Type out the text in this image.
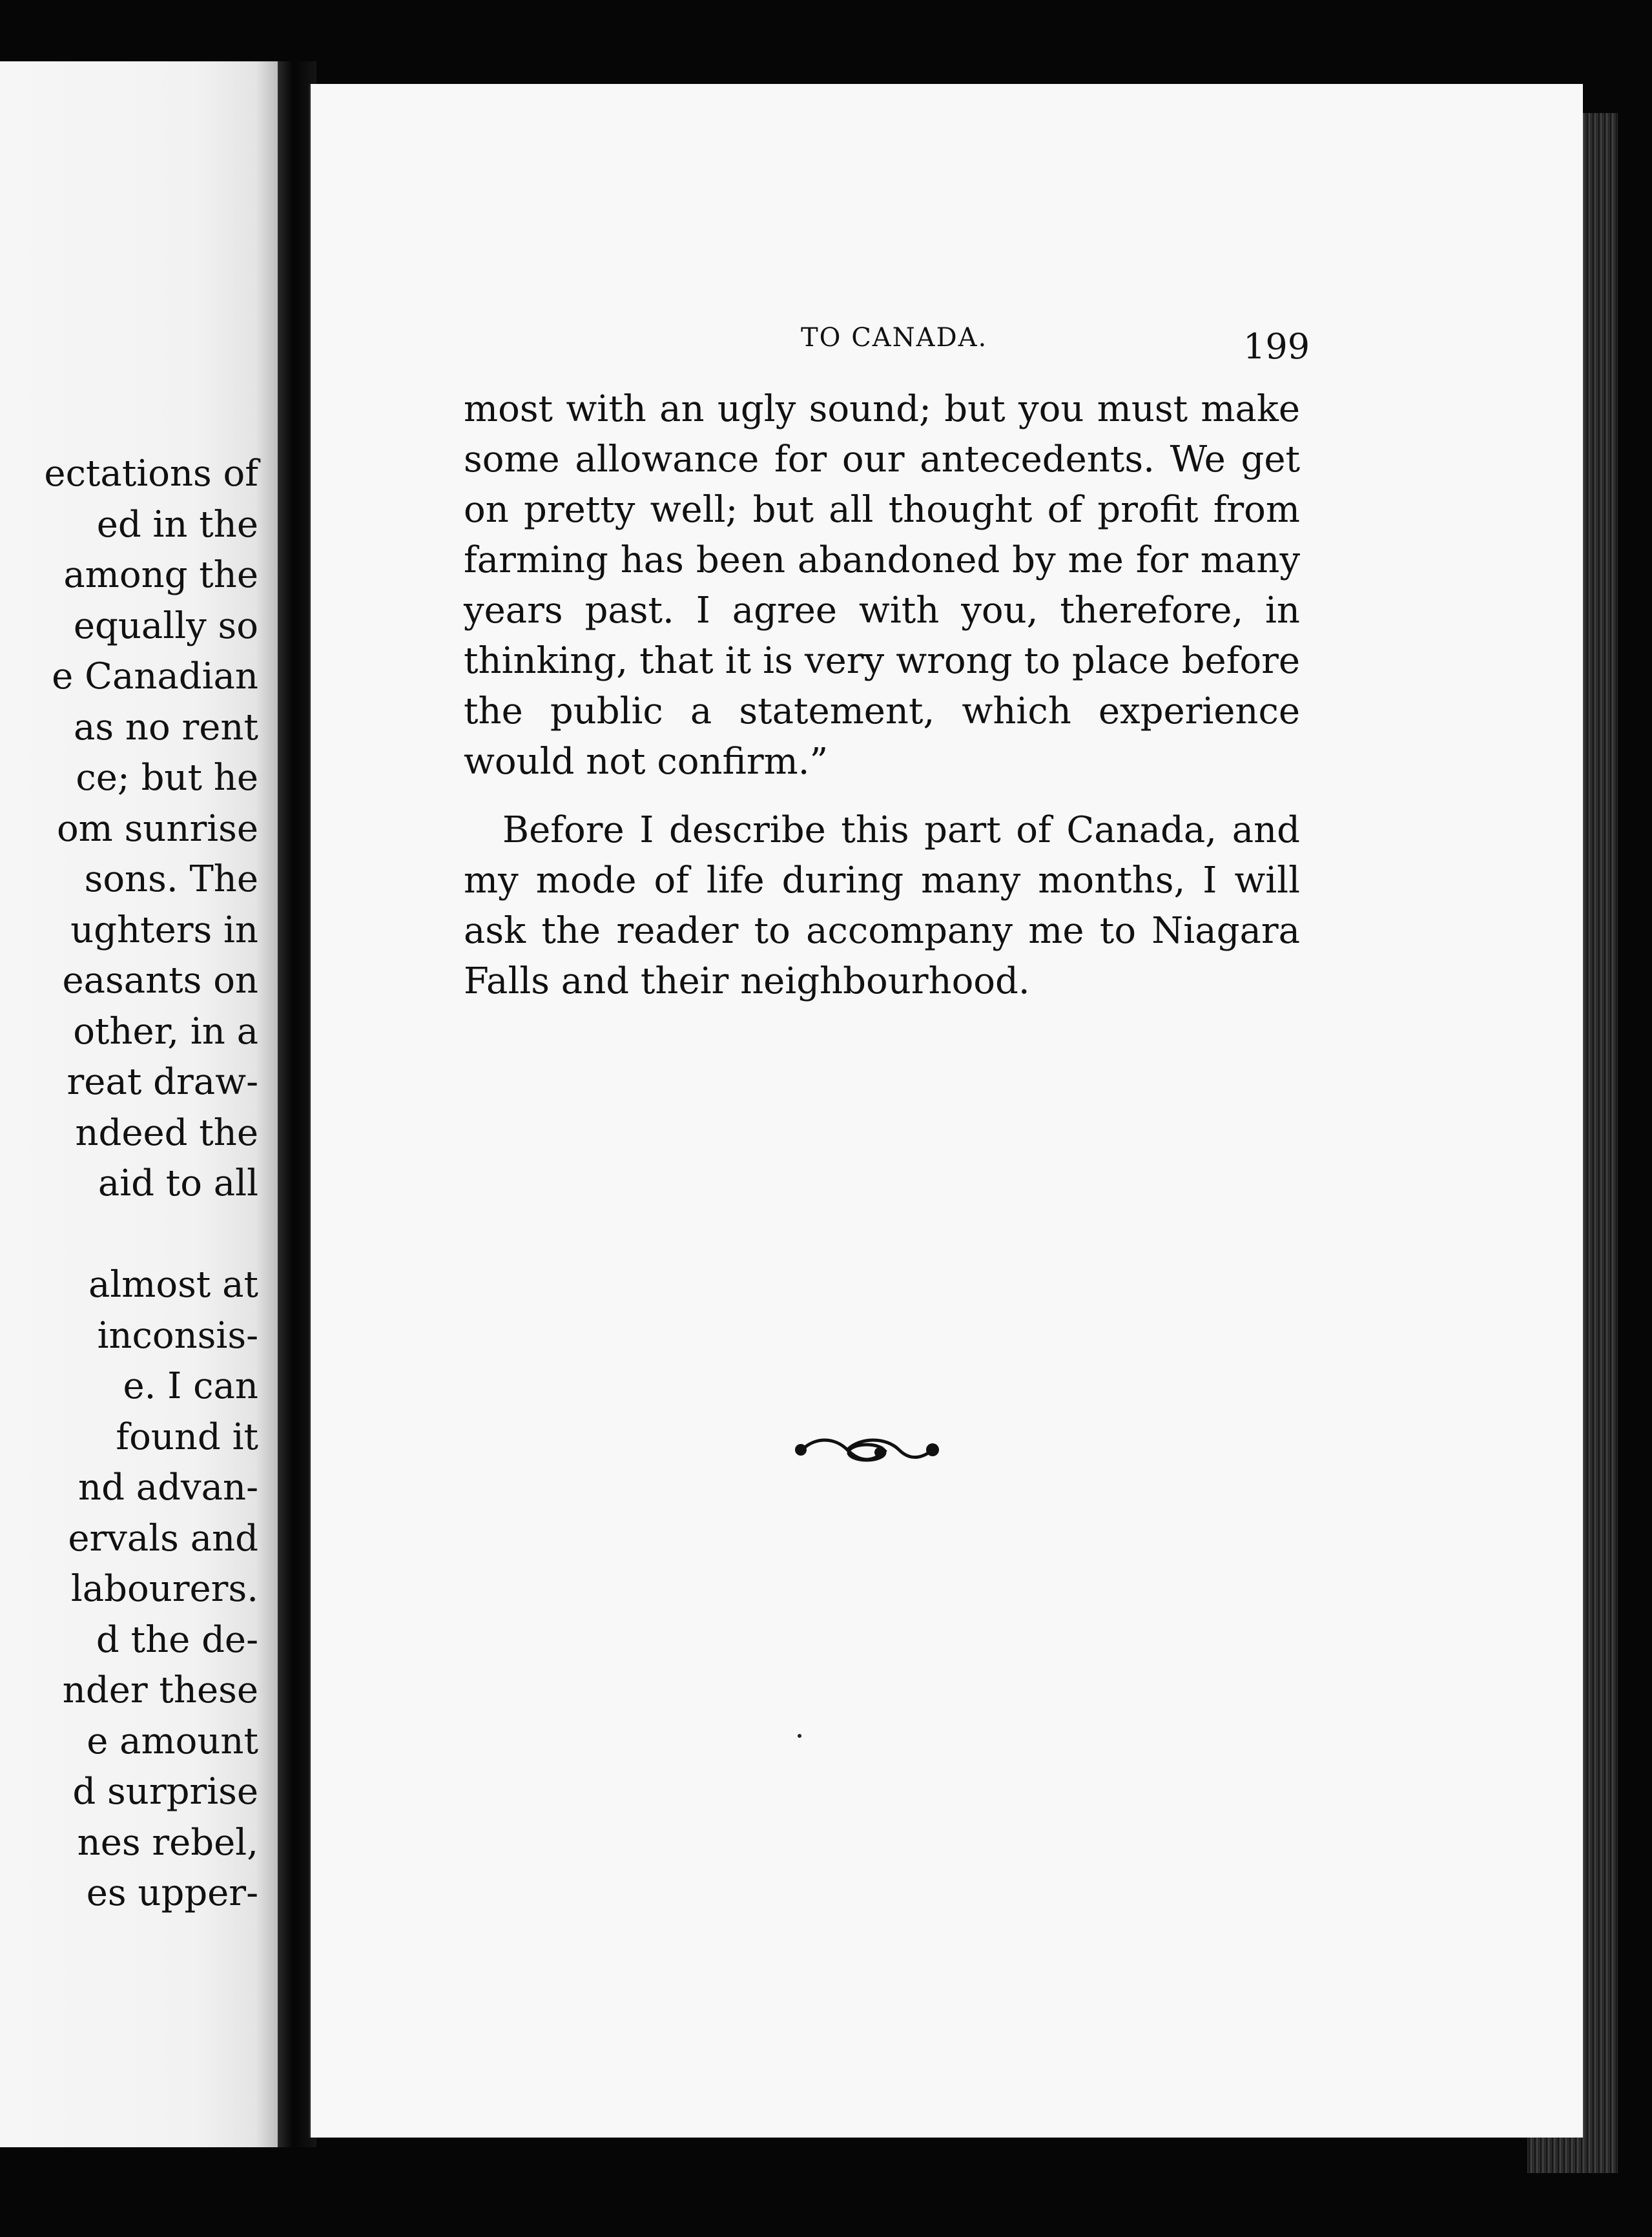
ectations of
ed in the
among the
equally so
e Canadian
as no rent
ce; but he
om sunrise
sons. The
ughters in
easants on
other, in a
reat draw-
ndeed the
aid to all
almost at
inconsis-
e. I can
found it
nd advan-
ervals and
labourers.
d the de-
nder these
e amount
d surprise
nes rebel,
es upper-
TO CANADA.	199

most with an ugly sound; but you must make some allowance for our antecedents. We get on pretty well; but all thought of profit from farming has been abandoned by me for many years past. I agree with you, therefore, in thinking, that it is very wrong to place before the public a statement, which experience would not confirm.”

Before I describe this part of Canada, and my mode of life during many months, I will ask the reader to accompany me to Niagara Falls and their neighbourhood.
